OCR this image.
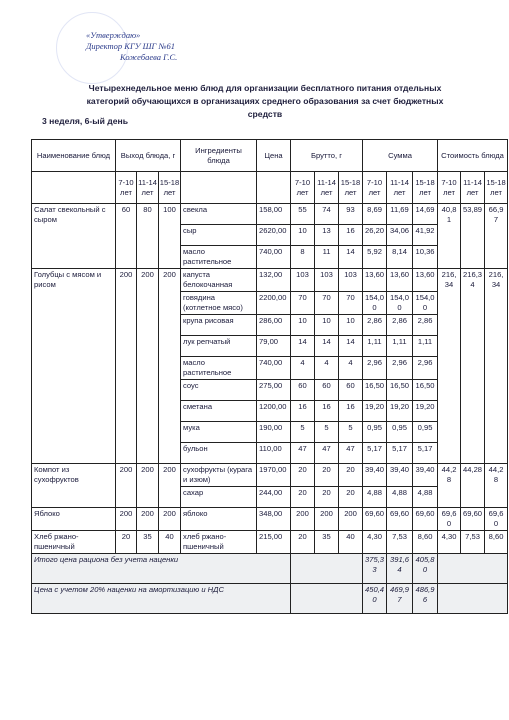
«Утверждаю»
Директор КГУ ШГ №61
Кожебаева Г.С.
Четырехнедельное меню блюд для организации бесплатного питания отдельных категорий обучающихся в организациях среднего образования за счет бюджетных средств
3 неделя, 6-ый день
Наименование блюд	Выход блюда, г			Ингредиенты блюда	Цена	Брутто, г			Сумма			Стоимость блюда		
	7-10 лет	11-14 лет	15-18 лет			7-10 лет	11-14 лет	15-18 лет	7-10 лет	11-14 лет	15-18 лет	7-10 лет	11-14 лет	15-18 лет
Салат свекольный с сыром	60	80	100	свекла	158,00	55	74	93	8,69	11,69	14,69	40,81	53,89	66,97
				сыр	2620,00	10	13	16	26,20	34,06	41,92			
				масло растительное	740,00	8	11	14	5,92	8,14	10,36			
Голубцы с мясом и рисом	200	200	200	капуста белокочанная	132,00	103	103	103	13,60	13,60	13,60	216,34	216,34	216,34
				говядина (котлетное мясо)	2200,00	70	70	70	154,00	154,00	154,00			
				крупа рисовая	286,00	10	10	10	2,86	2,86	2,86			
				лук репчатый	79,00	14	14	14	1,11	1,11	1,11			
				масло растительное	740,00	4	4	4	2,96	2,96	2,96			
				соус	275,00	60	60	60	16,50	16,50	16,50			
				сметана	1200,00	16	16	16	19,20	19,20	19,20			
				мука	190,00	5	5	5	0,95	0,95	0,95			
				бульон	110,00	47	47	47	5,17	5,17	5,17			
Компот из сухофруктов	200	200	200	сухофрукты (курага и изюм)	1970,00	20	20	20	39,40	39,40	39,40	44,28	44,28	44,28
				сахар	244,00	20	20	20	4,88	4,88	4,88			
Яблоко	200	200	200	яблоко	348,00	200	200	200	69,60	69,60	69,60	69,60	69,60	69,60
Хлеб ржано-пшеничный	20	35	40	хлеб ржано-пшеничный	215,00	20	35	40	4,30	7,53	8,60	4,30	7,53	8,60
Итого цена рациона без учета наценки									375,33	391,64	405,80			
Цена с учетом 20% наценки на амортизацию и НДС									450,40	469,97	486,96			
